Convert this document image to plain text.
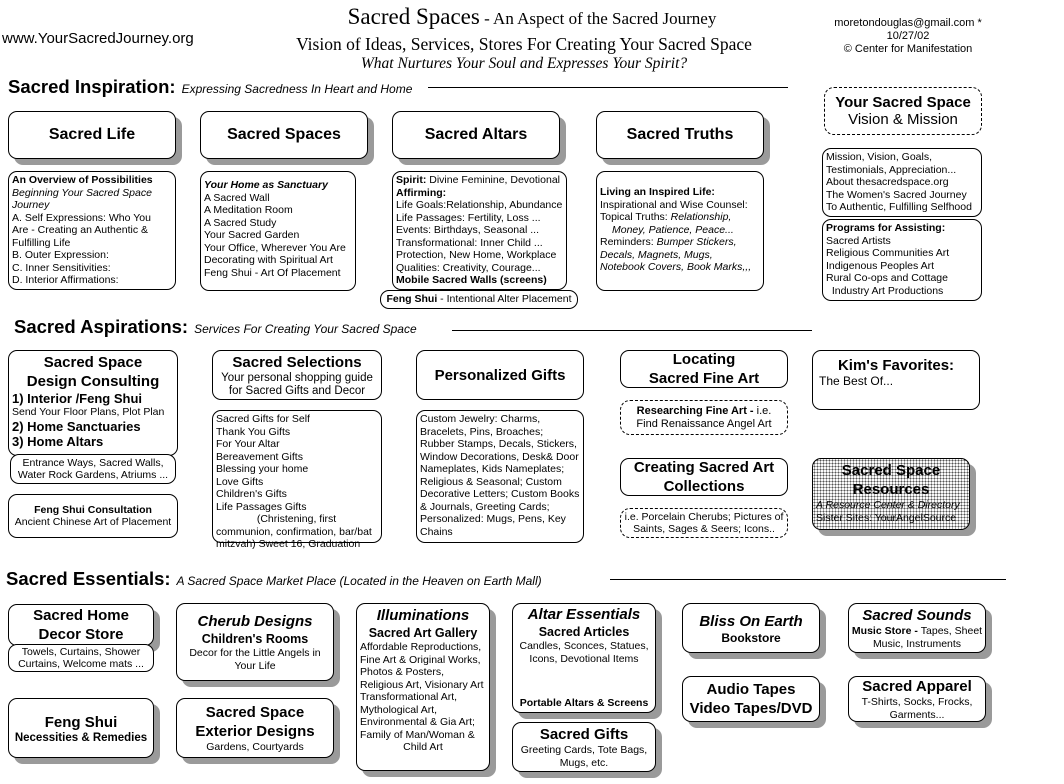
www.YourSacredJourney.org
Sacred Spaces - An Aspect of the Sacred Journey
Vision of Ideas, Services, Stores For Creating Your Sacred Space
What Nurtures Your Soul and Expresses Your Spirit?
moretondouglas@gmail.com *
10/27/02
© Center for Manifestation
Sacred Inspiration: Expressing Sacredness In Heart and Home
Sacred Life
An Overview of Possibilities
Beginning Your Sacred Space
Journey
A. Self Expressions: Who You
Are - Creating an Authentic &
Fulfilling Life
B. Outer Expression:
C. Inner Sensitivities:
D. Interior Affirmations:
Sacred Spaces
Your Home as Sanctuary
A Sacred Wall
A Meditation Room
A Sacred Study
Your Sacred Garden
Your Office, Wherever You Are
Decorating with Spiritual Art
Feng Shui - Art Of Placement
Sacred Altars
Spirit: Divine Feminine, Devotional
Affirming:
Life Goals:Relationship, Abundance
Life Passages: Fertility, Loss ...
Events: Birthdays, Seasonal ...
Transformational: Inner Child ...
Protection, New Home, Workplace
Qualities: Creativity, Courage...
Mobile Sacred Walls (screens)
Feng Shui - Intentional Alter Placement
Sacred Truths
Living an Inspired Life:
Inspirational and Wise Counsel:
Topical Truths: Relationship,
Money, Patience, Peace...
Reminders: Bumper Stickers,
Decals, Magnets, Mugs,
Notebook Covers, Book Marks,,,
Your Sacred Space
Vision & Mission
Mission, Vision, Goals,
Testimonials, Appreciation...
About thesacredspace.org
The Women's Sacred Journey
To Authentic, Fulfilling Selfhood
Programs for Assisting:
Sacred Artists
Religious Communities Art
Indigenous Peoples Art
Rural Co-ops and Cottage
Industry Art Productions
Sacred Aspirations: Services For Creating Your Sacred Space
Sacred Space
Design Consulting
1) Interior /Feng Shui
Send Your Floor Plans, Plot Plan
2) Home Sanctuaries
3) Home Altars
Entrance Ways, Sacred Walls, Water Rock Gardens, Atriums ...
Feng Shui Consultation
Ancient Chinese Art of Placement
Sacred Selections
Your personal shopping guide for Sacred Gifts and Decor
Sacred Gifts for Self
Thank You Gifts
For Your Altar
Bereavement Gifts
Blessing your home
Love Gifts
Children's Gifts
Life Passages Gifts
(Christening, first
communion, confirmation, bar/bat
mitzvah) Sweet 16, Graduation
Personalized Gifts
Custom Jewelry: Charms, Bracelets, Pins, Broaches; Rubber Stamps, Decals, Stickers, Window Decorations, Desk& Door Nameplates, Kids Nameplates; Religious & Seasonal; Custom Decorative Letters; Custom Books & Journals, Greeting Cards; Personalized: Mugs, Pens, Key Chains
Locating
Sacred Fine Art
Researching Fine Art - i.e.
Find Renaissance Angel Art
Creating Sacred Art
Collections
i.e. Porcelain Cherubs; Pictures of Saints, Sages & Seers; Icons..
Kim's Favorites:
The Best Of...
Sacred Space
Resources
A Resource Center & Directory
Sister Sites: YourAngelSource
Sacred Essentials: A Sacred Space Market Place (Located in the Heaven on Earth Mall)
Sacred Home
Decor Store
Towels, Curtains, Shower Curtains, Welcome mats ...
Feng Shui
Necessities & Remedies
Cherub Designs
Children's Rooms
Decor for the Little Angels in Your Life
Sacred Space
Exterior Designs
Gardens, Courtyards
Illuminations
Sacred Art Gallery
Affordable Reproductions,
Fine Art & Original Works,
Photos & Posters,
Religious Art, Visionary Art
Transformational Art,
Mythological Art,
Environmental & Gia Art;
Family of Man/Woman &
Child Art
Altar Essentials
Sacred Articles
Candles, Sconces, Statues, Icons, Devotional Items
Portable Altars & Screens
Sacred Gifts
Greeting Cards, Tote Bags, Mugs, etc.
Bliss On Earth
Bookstore
Audio Tapes
Video Tapes/DVD
Sacred Sounds
Music Store - Tapes, Sheet Music, Instruments
Sacred Apparel
T-Shirts, Socks, Frocks, Garments...
